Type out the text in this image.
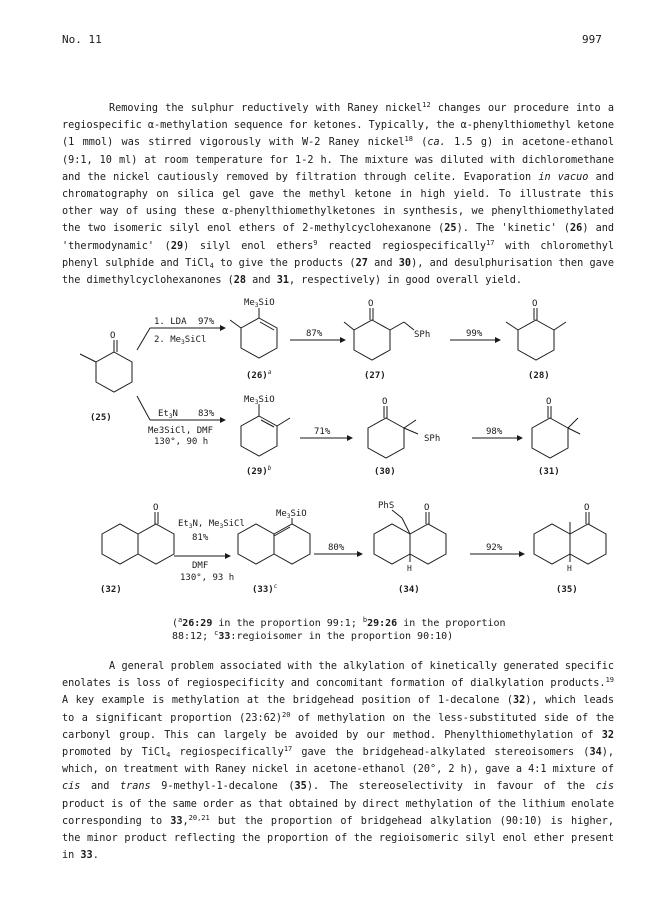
No. 11	997
Removing the sulphur reductively with Raney nickel$^{12}$ changes our procedure into a regiospecific α-methylation sequence for ketones. Typically, the α-phenylthiomethyl ketone (1 mmol) was stirred vigorously with W-2 Raney nickel$^{18}$ (ca. 1.5 g) in acetone-ethanol (9:1, 10 ml) at room temperature for 1-2 h. The mixture was diluted with dichloromethane and the nickel cautiously removed by filtration through celite. Evaporation in vacuo and chromatography on silica gel gave the methyl ketone in high yield. To illustrate this other way of using these α-phenylthiomethylketones in synthesis, we phenylthiomethylated the two isomeric silyl enol ethers of 2-methylcyclohexanone (25). The 'kinetic' (26) and 'thermodynamic' (29) silyl enol ethers$^9$ reacted regiospecifically$^{17}$ with chloromethyl phenyl sulphide and TiCl$_4$ to give the products (27 and 30), and desulphurisation then gave the dimethylcyclohexanones (28 and 31, respectively) in good overall yield.
O
$Me_3SiO$	O
SPh
O
$Me_3SiO$	O
SPh
O
O
$Me_3SiO$
PhS	O
H
O
H
1. LDA 97%
2. $Me_3SiCl$
87%	99%
$Et_3N$ 83%
Me3SiCl, DMF
130°, 90 h
71%	98%
$Et_3N$, $Me_3SiCl$
81%
DMF
130°, 93 h
80%	92%
(25)
$(26)^a$	(27)	(28)
$(29)^b$	(30)	(31)
(32)	$(33)^c$	(34)	(35)
($^a$26:29 in the proportion 99:1; $^b$29:26 in the proportion 88:12; $^c$33:regioisomer in the proportion 90:10)
A general problem associated with the alkylation of kinetically generated specific enolates is loss of regiospecificity and concomitant formation of dialkylation products.$^{19}$ A key example is methylation at the bridgehead position of 1-decalone (32), which leads to a significant proportion (23:62)$^{20}$ of methylation on the less-substituted side of the carbonyl group. This can largely be avoided by our method. Phenylthiomethylation of 32 promoted by TiCl$_4$ regiospecifically$^{17}$ gave the bridgehead-alkylated stereoisomers (34), which, on treatment with Raney nickel in acetone-ethanol (20°, 2 h), gave a 4:1 mixture of cis and trans 9-methyl-1-decalone (35). The stereoselectivity in favour of the cis product is of the same order as that obtained by direct methylation of the lithium enolate corresponding to 33,$^{20,21}$ but the proportion of bridgehead alkylation (90:10) is higher, the minor product reflecting the proportion of the regioisomeric silyl enol ether present in 33.
